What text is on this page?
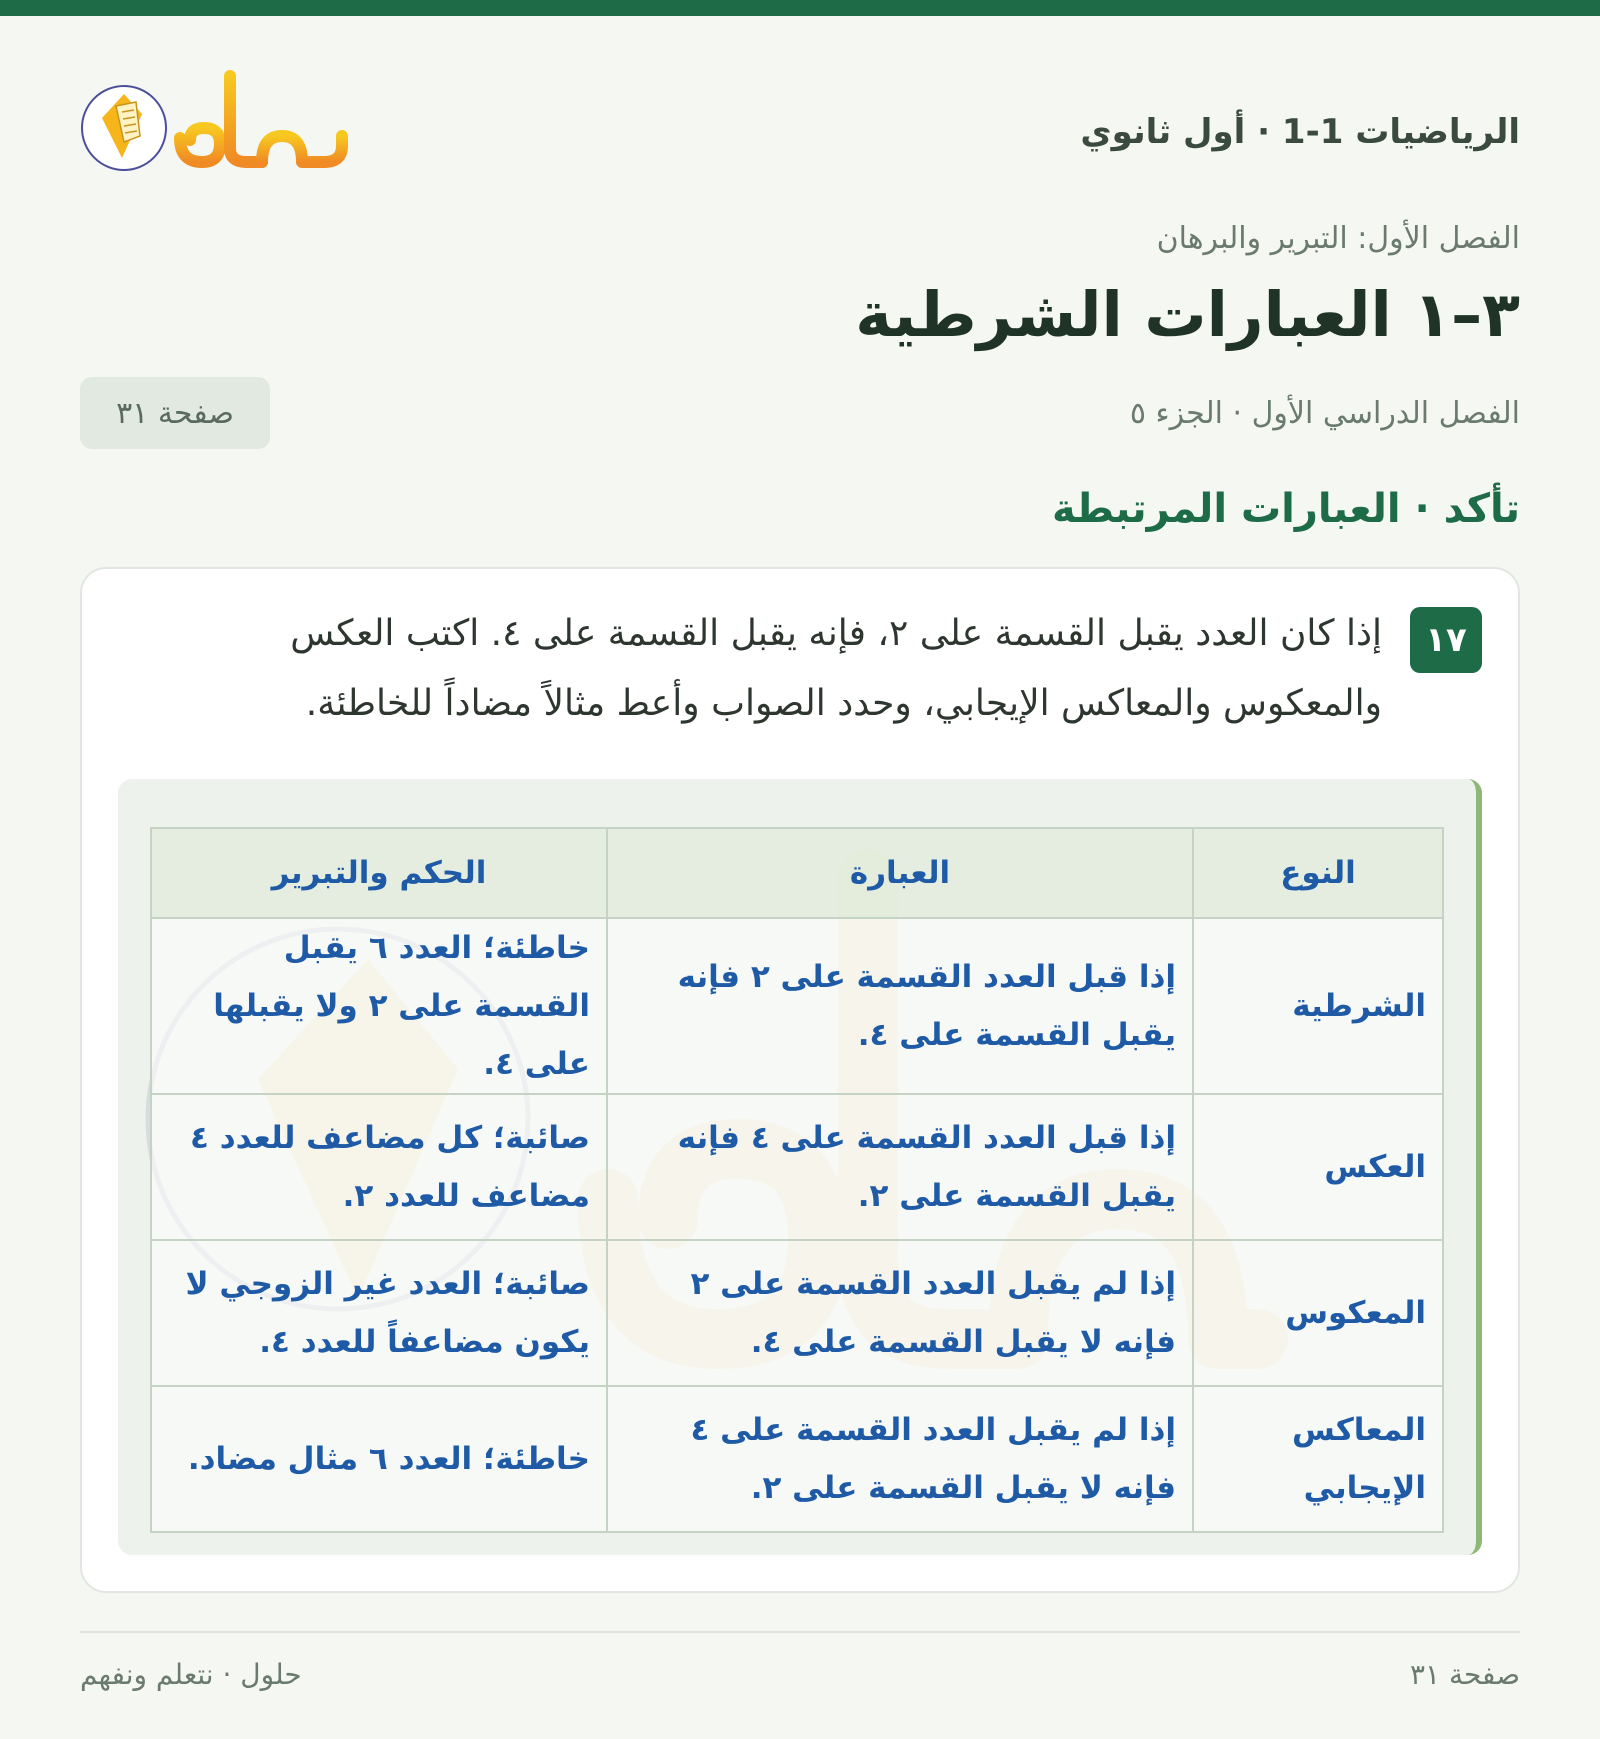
الرياضيات 1-1 · أول ثانوي
الفصل الأول: التبرير والبرهان
٣–١ العبارات الشرطية
الفصل الدراسي الأول · الجزء ٥
صفحة ٣١
تأكد · العبارات المرتبطة
١٧

إذا كان العدد يقبل القسمة على ٢، فإنه يقبل القسمة على ٤. اكتب العكس والمعكوس والمعاكس الإيجابي، وحدد الصواب وأعط مثالاً مضاداً للخاطئة.

النوع	العبارة	الحكم والتبرير
الشرطية	إذا قبل العدد القسمة على ٢ فإنه يقبل القسمة على ٤.	خاطئة؛ العدد ٦ يقبل القسمة على ٢ ولا يقبلها على ٤.
العكس	إذا قبل العدد القسمة على ٤ فإنه يقبل القسمة على ٢.	صائبة؛ كل مضاعف للعدد ٤ مضاعف للعدد ٢.
المعكوس	إذا لم يقبل العدد القسمة على ٢ فإنه لا يقبل القسمة على ٤.	صائبة؛ العدد غير الزوجي لا يكون مضاعفاً للعدد ٤.
المعاكس الإيجابي	إذا لم يقبل العدد القسمة على ٤ فإنه لا يقبل القسمة على ٢.	خاطئة؛ العدد ٦ مثال مضاد.
صفحة ٣١
حلول · نتعلم ونفهم
